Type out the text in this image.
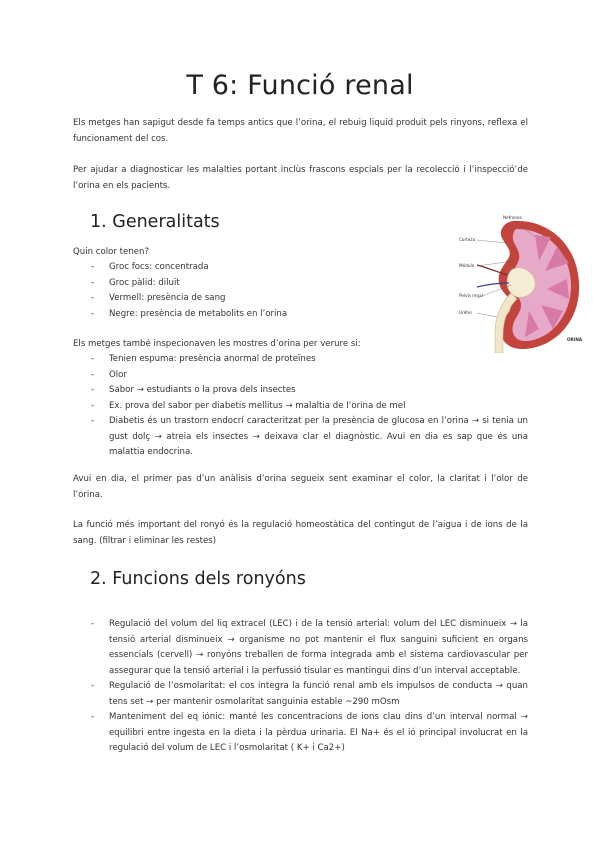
T 6: Funció renal
Els metges han sapigut desde fa temps antics que l’orina, el rebuig liquid produit pels rinyons, reflexa el funcionament del cos.
Per ajudar a diagnosticar les malalties portant inclùs frascons espcials per la recolecció i l’inspecció’de l’orina en els pacients.
1. Generalitats
Quin color tenen?
- Groc focs: concentrada
- Groc pàlid: diluït
- Vermell: presència de sang
- Negre: presència de metabolits en l’orina
Nefrones
Corteza
Médula
Pelvis renal
Uréter
ORINA
Els metges també inspecionaven les mostres d’orina per verure si:
- Tenien espuma: presència anormal de proteïnes
- Olor
- Sabor → estudiants o la prova dels insectes
- Ex. prova del sabor per diabetis mellitus → malaltia de l’orina de mel
- Diabetis és un trastorn endocrí caracteritzat per la presència de glucosa en l’orina → si tenia un gust dolç → atreia els insectes → deixava clar el diagnòstic. Avui en dia es sap que és una malattia endocrina.
Avui en dia, el primer pas d’un anàlisis d’orina segueix sent examinar el color, la claritat i l’olor de l’orina.
La funció més important del ronyó és la regulació homeostàtica del contingut de l’aigua i de ions de la sang. (filtrar i eliminar les restes)
2. Funcions dels ronyóns
- Regulació del volum del liq extracel (LEC) i de la tensió arterial: volum del LEC disminueix → la tensió arterial disminueix → organisme no pot mantenir el flux sanguini suficient en organs essencials (cervell) → ronyóns treballen de forma integrada amb el sistema cardiovascular per assegurar que la tensió arterial i la perfussió tisular es mantingui dins d’un interval acceptable.
- Regulació de l’osmolaritat: el cos integra la funció renal amb els impulsos de conducta → quan tens set → per mantenir osmolaritat sanguinia estable ~290 mOsm
- Manteniment del eq iónic: manté les concentracions de ions clau dins d’un interval normal → equilibri entre ingesta en la dieta i la pèrdua urinaria. El Na+ és el ió principal involucrat en la regulació del volum de LEC i l’osmolaritat ( K+ i Ca2+)
